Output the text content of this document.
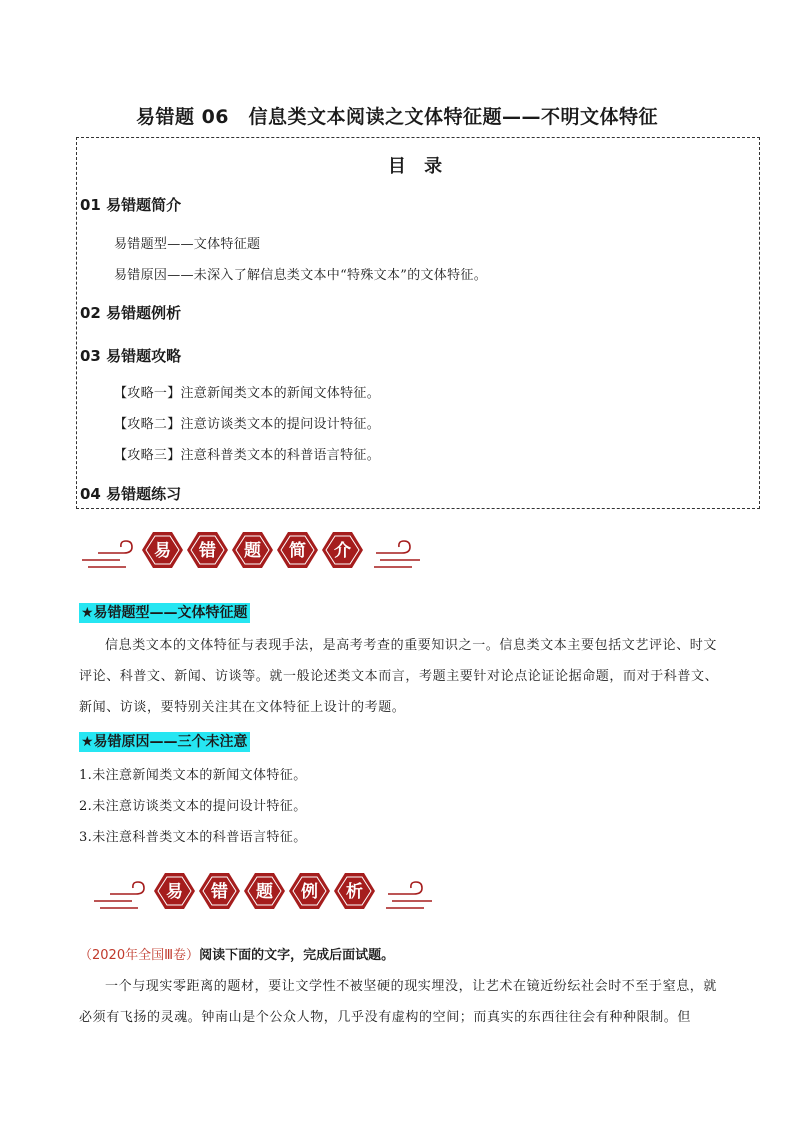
易错题 06　信息类文本阅读之文体特征题——不明文体特征
目 录
01 易错题简介
易错题型——文体特征题
易错原因——未深入了解信息类文本中“特殊文本”的文体特征。
02 易错题例析
03 易错题攻略
【攻略一】注意新闻类文本的新闻文体特征。
【攻略二】注意访谈类文本的提问设计特征。
【攻略三】注意科普类文本的科普语言特征。
04 易错题练习
易 错 题 简 介
★易错题型——文体特征题
信息类文本的文体特征与表现手法，是高考考查的重要知识之一。信息类文本主要包括文艺评论、时文评论、科普文、新闻、访谈等。就一般论述类文本而言，考题主要针对论点论证论据命题，而对于科普文、新闻、访谈，要特别关注其在文体特征上设计的考题。
★易错原因——三个未注意
1.未注意新闻类文本的新闻文体特征。
2.未注意访谈类文本的提问设计特征。
3.未注意科普类文本的科普语言特征。
易 错 题 例 析
（2020年全国Ⅲ卷）阅读下面的文字，完成后面试题。
一个与现实零距离的题材，要让文学性不被坚硬的现实埋没，让艺术在镜近纷纭社会时不至于窒息，就必须有飞扬的灵魂。钟南山是个公众人物，几乎没有虚构的空间；而真实的东西往往会有种种限制。但
